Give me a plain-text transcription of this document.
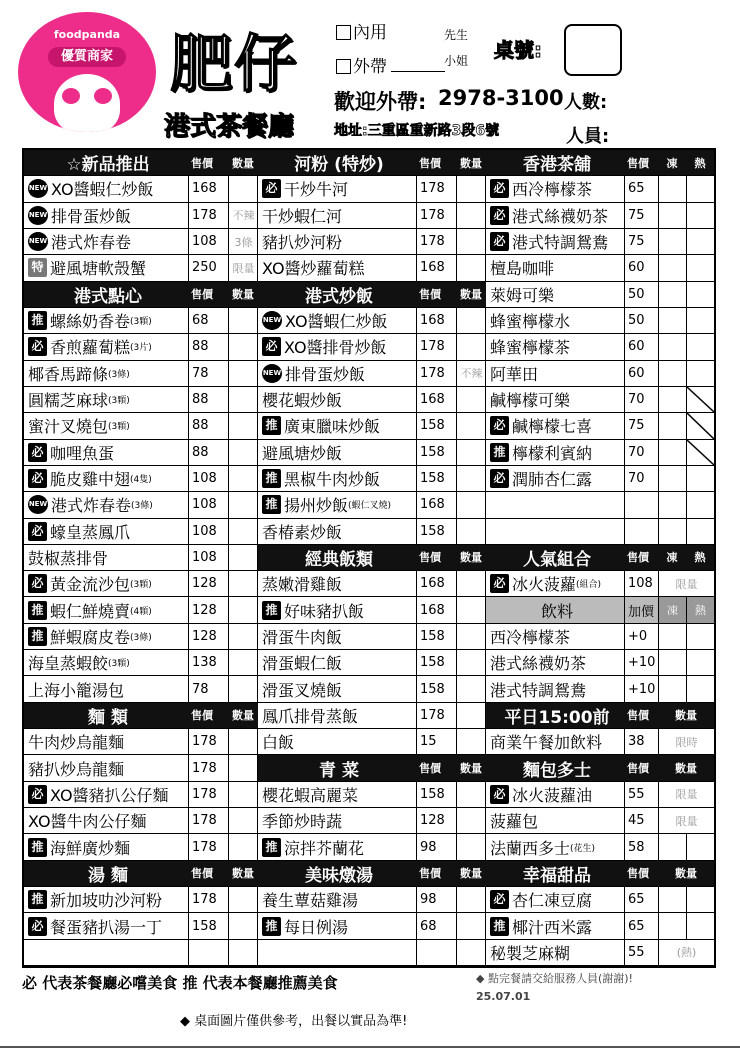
foodpanda
優質商家 肥仔
港式茶餐廳
內用
外帶
先生
小姐 桌號:
歡迎外帶: 2978-3100 人數:
地址:三重區重新路3段6號	人員:
☆新品推出	售價	數量
NEW XO醬蝦仁炒飯	168
NEW 排骨蛋炒飯	178	不辣
NEW 港式炸春卷	108	3條
特 避風塘軟殼蟹	250	限量
港式點心	售價	數量
推 螺絲奶香卷 (3顆)	68
必 香煎蘿蔔糕 (3片)	88
椰香馬蹄條 (3條)	78
圓糯芝麻球 (3顆)	88
蜜汁叉燒包 (3顆)	88
必 咖哩魚蛋	88
必 脆皮雞中翅 (4隻)	108
NEW 港式炸春卷 (3條)	108
必 蠔皇蒸鳳爪	108
鼓椒蒸排骨	108
必 黃金流沙包 (3顆)	128
推 蝦仁鮮燒賣 (4顆)	128
推 鮮蝦腐皮卷 (3條)	128
海皇蒸蝦餃 (3顆)	138
上海小籠湯包	78
麵 類	售價	數量
牛肉炒烏龍麵	178
豬扒炒烏龍麵	178
必 XO醬豬扒公仔麵	178
XO醬牛肉公仔麵	178
推 海鮮廣炒麵	178
湯 麵	售價	數量
推 新加坡叻沙河粉	178
必 餐蛋豬扒湯一丁	158
河粉 (特炒)	售價	數量
必 干炒牛河	178
干炒蝦仁河	178
豬扒炒河粉	178
XO醬炒蘿蔔糕	168
港式炒飯	售價	數量
NEW XO醬蝦仁炒飯	168
必 XO醬排骨炒飯	178
NEW 排骨蛋炒飯	178	不辣
櫻花蝦炒飯	168
推 廣東臘味炒飯	158
避風塘炒飯	158
推 黑椒牛肉炒飯	158
推 揚州炒飯 (蝦仁叉燒)	168
香椿素炒飯	158
經典飯類	售價	數量
蒸嫩滑雞飯	168
推 好味豬扒飯	168
滑蛋牛肉飯	158
滑蛋蝦仁飯	158
滑蛋叉燒飯	158
鳳爪排骨蒸飯	178
白飯	15
青 菜	售價	數量
櫻花蝦高麗菜	158
季節炒時蔬	128
推 涼拌芥蘭花	98
美味燉湯	售價	數量
養生蕈菇雞湯	98
推 每日例湯	68
香港茶舖	售價	凍	熱
必 西冷檸檬茶	65
必 港式絲襪奶茶	75
必 港式特調鴛鴦	75
檀島咖啡	60
萊姆可樂	50
蜂蜜檸檬水	50
蜂蜜檸檬茶	60
阿華田	60
鹹檸檬可樂	70
必 鹹檸檬七喜	75
推 檸檬利賓納	70
必 潤肺杏仁露	70
人氣組合	售價	凍	熱
必 冰火菠蘿 (組合)	108	限量
飲料	加價	凍	熱
西冷檸檬茶	+0
港式絲襪奶茶	+10
港式特調鴛鴦	+10
平日15:00前 售價	數量
商業午餐加飲料	38	限時
麵包多士	售價	數量
必 冰火菠蘿油	55	限量
菠蘿包	45	限量
法蘭西多士 (花生)	58
幸福甜品	售價	數量
必 杏仁凍豆腐	65
推 椰汁西米露	65
秘製芝麻糊	55	(熱)
必 代表茶餐廳必嚐美食 推 代表本餐廳推薦美食	◆ 點完餐請交給服務人員(謝謝)!
25.07.01
◆ 桌面圖片僅供參考，出餐以實品為準!
